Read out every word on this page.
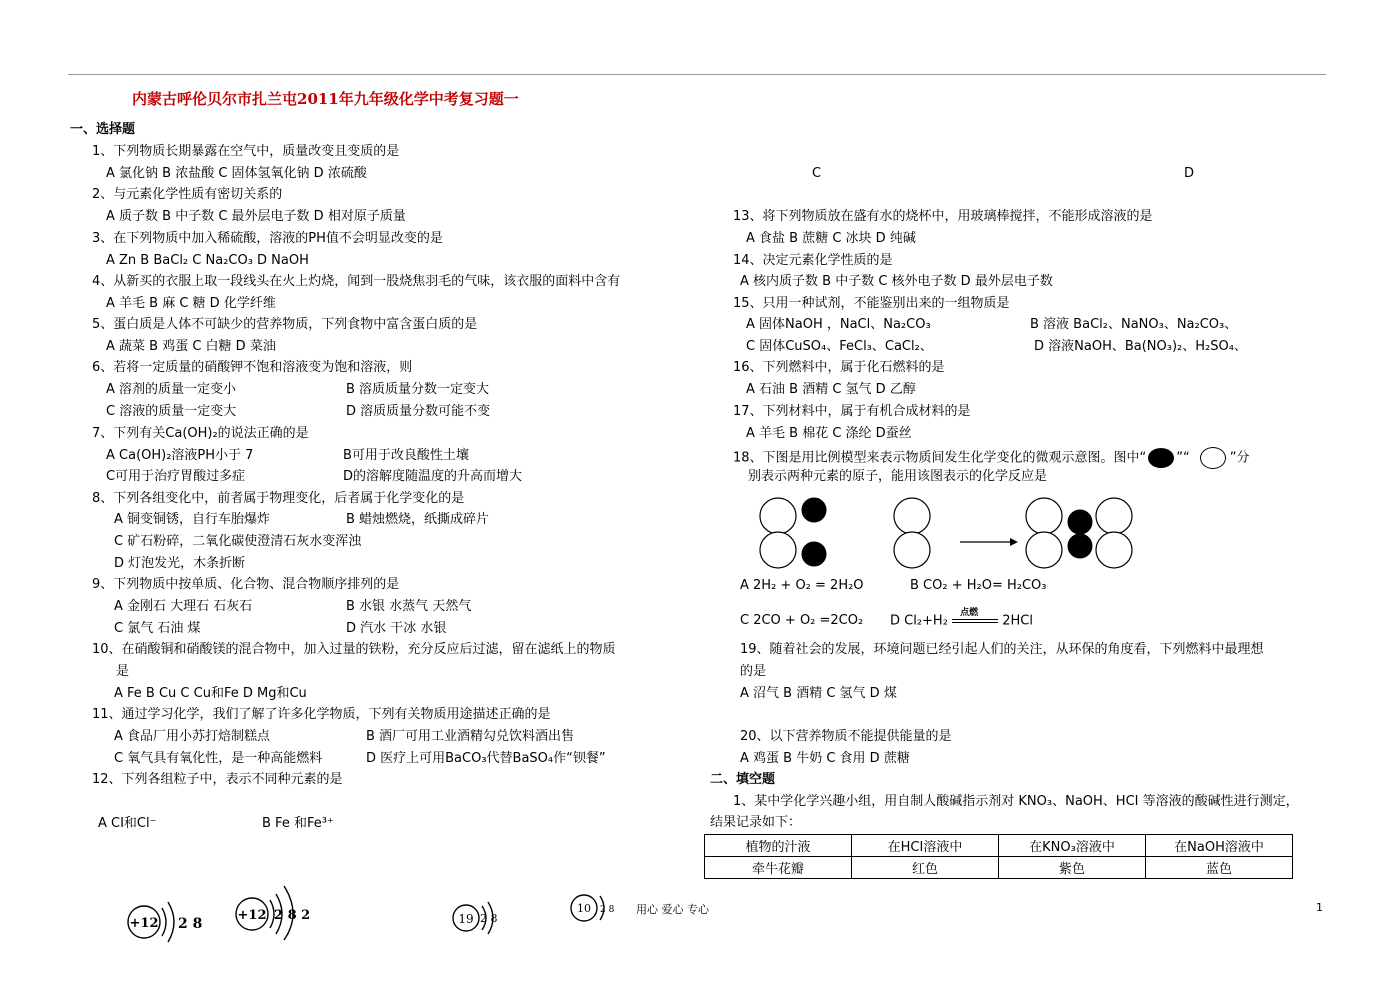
内蒙古呼伦贝尔市扎兰屯2011年九年级化学中考复习题一
一、选择题
1、下列物质长期暴露在空气中，质量改变且变质的是
A 氯化钠 B 浓盐酸 C 固体氢氧化钠 D 浓硫酸
2、与元素化学性质有密切关系的
A 质子数 B 中子数 C 最外层电子数 D 相对原子质量
3、在下列物质中加入稀硫酸，溶液的PH值不会明显改变的是
A Zn B BaCl₂ C Na₂CO₃ D NaOH
4、从新买的衣服上取一段线头在火上灼烧，闻到一股烧焦羽毛的气味，该衣服的面料中含有
A 羊毛 B 麻 C 糖 D 化学纤维
5、蛋白质是人体不可缺少的营养物质，下列食物中富含蛋白质的是
A 蔬菜 B 鸡蛋 C 白糖 D 菜油
6、若将一定质量的硝酸钾不饱和溶液变为饱和溶液，则
A 溶剂的质量一定变小	B 溶质质量分数一定变大
C 溶液的质量一定变大	D 溶质质量分数可能不变
7、下列有关Ca(OH)₂的说法正确的是
A Ca(OH)₂溶液PH小于 7	B可用于改良酸性土壤
C可用于治疗胃酸过多症	D的溶解度随温度的升高而增大
8、下列各组变化中，前者属于物理变化，后者属于化学变化的是
A 铜变铜锈，自行车胎爆炸	B 蜡烛燃烧，纸撕成碎片
C 矿石粉碎，二氧化碳使澄清石灰水变浑浊
D 灯泡发光，木条折断
9、下列物质中按单质、化合物、混合物顺序排列的是
A 金刚石 大理石 石灰石	B 水银 水蒸气 天然气
C 氯气 石油 煤	D 汽水 干冰 水银
10、在硝酸铜和硝酸镁的混合物中，加入过量的铁粉，充分反应后过滤，留在滤纸上的物质
是
A Fe B Cu C Cu和Fe D Mg和Cu
11、通过学习化学，我们了解了许多化学物质，下列有关物质用途描述正确的是
A 食品厂用小苏打焙制糕点	B 酒厂可用工业酒精勾兑饮料酒出售
C 氧气具有氧化性，是一种高能燃料	D 医疗上可用BaCO₃代替BaSO₄作“钡餐”
12、下列各组粒子中，表示不同种元素的是
A CI和Cl⁻	B Fe 和Fe³⁺
C	D
+12 2 8
+12 2 8 2	19 2 8
10 2 8
13、将下列物质放在盛有水的烧杯中，用玻璃棒搅拌，不能形成溶液的是
A 食盐 B 蔗糖 C 冰块 D 纯碱
14、决定元素化学性质的是
A 核内质子数 B 中子数 C 核外电子数 D 最外层电子数
15、只用一种试剂，不能鉴别出来的一组物质是
A 固体NaOH ，NaCl、Na₂CO₃	B 溶液 BaCl₂、NaNO₃、Na₂CO₃、
C 固体CuSO₄、FeCl₃、CaCl₂、	D 溶液NaOH、Ba(NO₃)₂、H₂SO₄、
16、下列燃料中，属于化石燃料的是
A 石油 B 酒精 C 氢气 D 乙醇
17、下列材料中，属于有机合成材料的是
A 羊毛 B 棉花 C 涤纶 D蚕丝
18、下图是用比例模型来表示物质间发生化学变化的微观示意图。图中“ ”“	”分
别表示两种元素的原子，能用该图表示的化学反应是
A 2H₂ + O₂ = 2H₂O	B CO₂ + H₂O= H₂CO₃
C 2CO + O₂ =2CO₂ D Cl₂+H₂
点燃
2HCl
19、随着社会的发展，环境问题已经引起人们的关注，从环保的角度看，下列燃料中最理想
的是
A 沼气 B 酒精 C 氢气 D 煤
20、以下营养物质不能提供能量的是
A 鸡蛋 B 牛奶 C 食用 D 蔗糖
二、填空题
1、某中学化学兴趣小组，用自制人酸碱指示剂对 KNO₃、NaOH、HCI 等溶液的酸碱性进行测定，
结果记录如下：
植物的汁液	在HCI溶液中	在KNO₃溶液中	在NaOH溶液中
牵牛花瓣	红色	紫色	蓝色
用心 爱心 专心	1
